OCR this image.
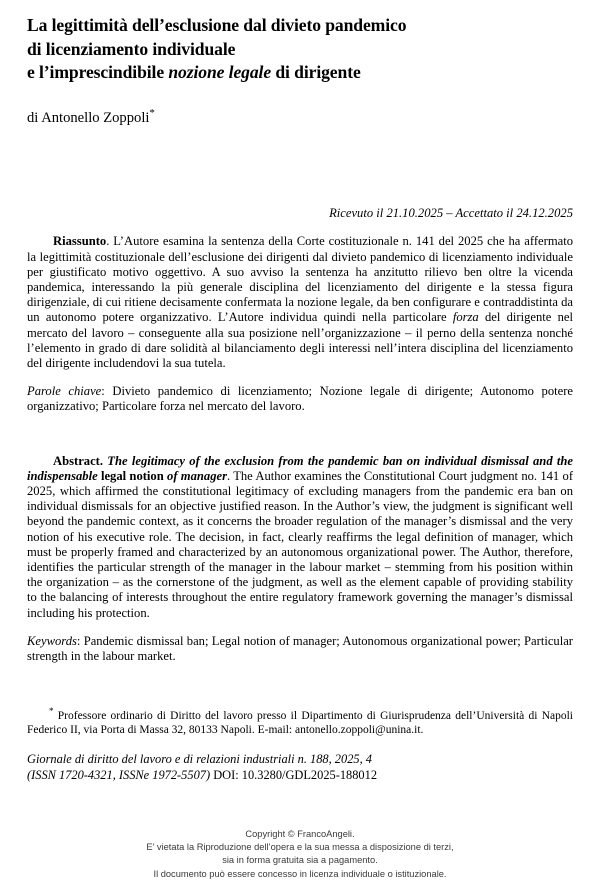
La legittimità dell’esclusione dal divieto pandemico
di licenziamento individuale
e l’imprescindibile nozione legale di dirigente
di Antonello Zoppoli*
Ricevuto il 21.10.2025 – Accettato il 24.12.2025
Riassunto. L’Autore esamina la sentenza della Corte costituzionale n. 141 del 2025 che ha affermato la legittimità costituzionale dell’esclusione dei dirigenti dal divieto pandemico di licenziamento individuale per giustificato motivo oggettivo. A suo avviso la sentenza ha anzitutto rilievo ben oltre la vicenda pandemica, interessando la più generale disciplina del licenziamento del dirigente e la stessa figura dirigenziale, di cui ritiene decisamente confermata la nozione legale, da ben configurare e contraddistinta da un autonomo potere organizzativo. L’Autore individua quindi nella particolare forza del dirigente nel mercato del lavoro – conseguente alla sua posizione nell’organizzazione – il perno della sentenza nonché l’elemento in grado di dare solidità al bilanciamento degli interessi nell’intera disciplina del licenziamento del dirigente includendovi la sua tutela.
Parole chiave: Divieto pandemico di licenziamento; Nozione legale di dirigente; Autonomo potere organizzativo; Particolare forza nel mercato del lavoro.
Abstract. The legitimacy of the exclusion from the pandemic ban on individual dismissal and the indispensable legal notion of manager. The Author examines the Constitutional Court judgment no. 141 of 2025, which affirmed the constitutional legitimacy of excluding managers from the pandemic era ban on individual dismissals for an objective justified reason. In the Author’s view, the judgment is significant well beyond the pandemic context, as it concerns the broader regulation of the manager’s dismissal and the very notion of his executive role. The decision, in fact, clearly reaffirms the legal definition of manager, which must be properly framed and characterized by an autonomous organizational power. The Author, therefore, identifies the particular strength of the manager in the labour market – stemming from his position within the organization – as the cornerstone of the judgment, as well as the element capable of providing stability to the balancing of interests throughout the entire regulatory framework governing the manager’s dismissal including his protection.
Keywords: Pandemic dismissal ban; Legal notion of manager; Autonomous organizational power; Particular strength in the labour market.
* Professore ordinario di Diritto del lavoro presso il Dipartimento di Giurisprudenza dell’Università di Napoli Federico II, via Porta di Massa 32, 80133 Napoli. E-mail: antonello.zoppoli@unina.it.
Giornale di diritto del lavoro e di relazioni industriali n. 188, 2025, 4
(ISSN 1720-4321, ISSNe 1972-5507) DOI: 10.3280/GDL2025-188012
Copyright © FrancoAngeli.
E’ vietata la Riproduzione dell’opera e la sua messa a disposizione di terzi,
sia in forma gratuita sia a pagamento.
Il documento può essere concesso in licenza individuale o istituzionale.
